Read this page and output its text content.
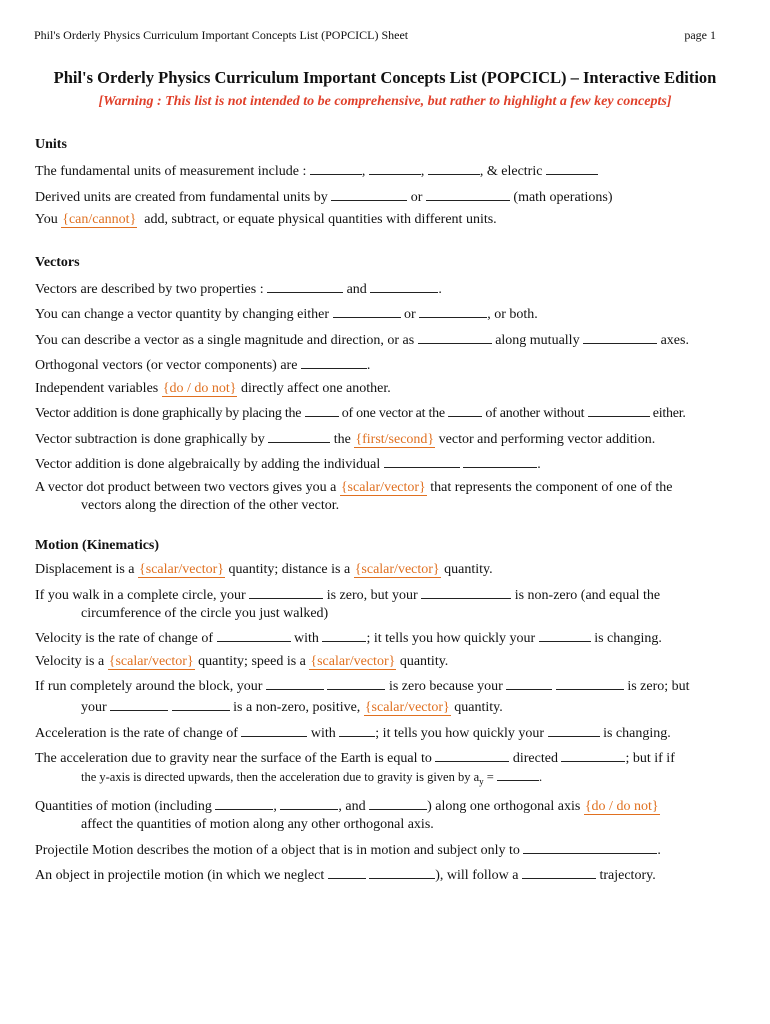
Phil's Orderly Physics Curriculum Important Concepts List (POPCICL) Sheet	page 1
Phil's Orderly Physics Curriculum Important Concepts List (POPCICL) – Interactive Edition
[Warning : This list is not intended to be comprehensive, but rather to highlight a few key concepts]
Units
The fundamental units of measurement include :	,	,	, & electric
Derived units are created from fundamental units by	or	(math operations)
You {can/cannot} add, subtract, or equate physical quantities with different units.
Vectors
Vectors are described by two properties :	and	.
You can change a vector quantity by changing either	or	, or both.
You can describe a vector as a single magnitude and direction, or as	along mutually	axes.
Orthogonal vectors (or vector components) are	.
Independent variables {do / do not} directly affect one another.
Vector addition is done graphically by placing the	of one vector at the	of another without	either.
Vector subtraction is done graphically by	the {first/second} vector and performing vector addition.
Vector addition is done algebraically by adding the individual	.
A vector dot product between two vectors gives you a {scalar/vector} that represents the component of one of the
vectors along the direction of the other vector.
Motion (Kinematics)
Displacement is a {scalar/vector} quantity; distance is a {scalar/vector} quantity.
If you walk in a complete circle, your	is zero, but your	is non-zero (and equal the
circumference of the circle you just walked)
Velocity is the rate of change of	with	; it tells you how quickly your	is changing.
Velocity is a {scalar/vector} quantity; speed is a {scalar/vector} quantity.
If run completely around the block, your	is zero because your	is zero; but
your	is a non-zero, positive, {scalar/vector} quantity.
Acceleration is the rate of change of	with	; it tells you how quickly your	is changing.
The acceleration due to gravity near the surface of the Earth is equal to	directed	; but if if
the y-axis is directed upwards, then the acceleration due to gravity is given by $a_y$ =	.
Quantities of motion (including	,	, and	) along one orthogonal axis {do / do not}
affect the quantities of motion along any other orthogonal axis.
Projectile Motion describes the motion of a object that is in motion and subject only to	.
An object in projectile motion (in which we neglect	), will follow a	trajectory.
